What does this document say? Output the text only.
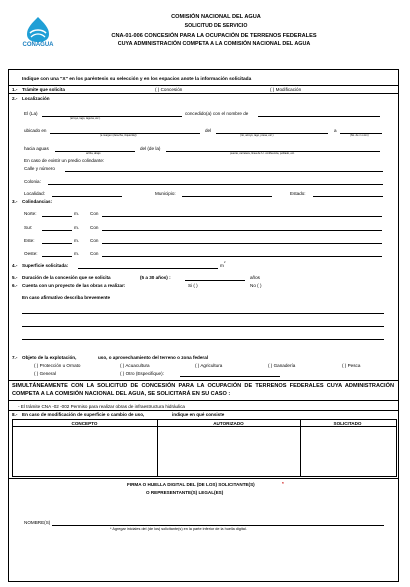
CONAGUA
COMISIÓN NACIONAL DEL AGUA
SOLICITUD DE SERVICIO
CNA-01-006 CONCESIÓN PARA LA OCUPACIÓN DE TERRENOS FEDERALES
CUYA ADMINISTRACIÓN COMPETA A LA COMISIÓN NACIONAL DEL AGUA
Indique con una "X" en los paréntesis su selección y en los espacios anote la información solicitada
1.- Trámite que solicita	( ) Concesión	( ) Modificación
2.- Localización
El (La)
(arroyo, lago, laguna, etc.)
concedido(a) con el nombre de
ubicado en
(a margen (derecha, izquierda))
del
(río, arroyo, lago, presa, etc.)
a
(No. de m o km)
hacia aguas
arriba, abajo
del (de la)
puente, carretera, línea de f.c. confluencia, poblado, etc.
En caso de existir un predio colindante:
Calle y número
Colonia:
Localidad:	Municipio:	Estado:
3.- Colindancias:
Norte:	m. Con
Sur:	m. Con
Este:	m. Con
Oeste:	m. Con
4.- Superficie solicitada:	m
2
5.- Duración de la concesión que se solicita	(5 a 30 años) :	años
6.- Cuenta con un proyecto de las obras a realizar:	Si ( )	No ( )
En caso afirmativo describa brevemente
7.- Objeto de la explotación,	uso, o aprovechamiento del terreno o zona federal
( ) Protección u Ornato	( ) Acuacultura	( ) Agricultura	( ) Ganadería	( ) Pesca
( ) General	( ) Otro (Especifique):
SIMULTÁNEAMENTE CON LA SOLICITUD DE CONCESIÓN PARA LA OCUPACIÓN DE TERRENOS FEDERALES CUYA ADMINISTRACIÓN COMPETA A LA COMISIÓN NACIONAL DEL AGUA, SE SOLICITARÁ EN SU CASO :
- El trámite CNA -02 -002 Permiso para realizar obras de infraestructura hidráulica
8.- En caso de modificación de superficie o cambio de uso,	indique en qué consiste
CONCEPTO	AUTORIZADO	SOLICITADO
FIRMA O HUELLA DIGITAL DEL (DE LOS) SOLICITANTE(S)	*
O REPRESENTANTE(S) LEGAL(ES)
NOMBRE(S)
* Agregar iniciales del (de los) solicitante(s) en la parte inferior de la huella digital.
